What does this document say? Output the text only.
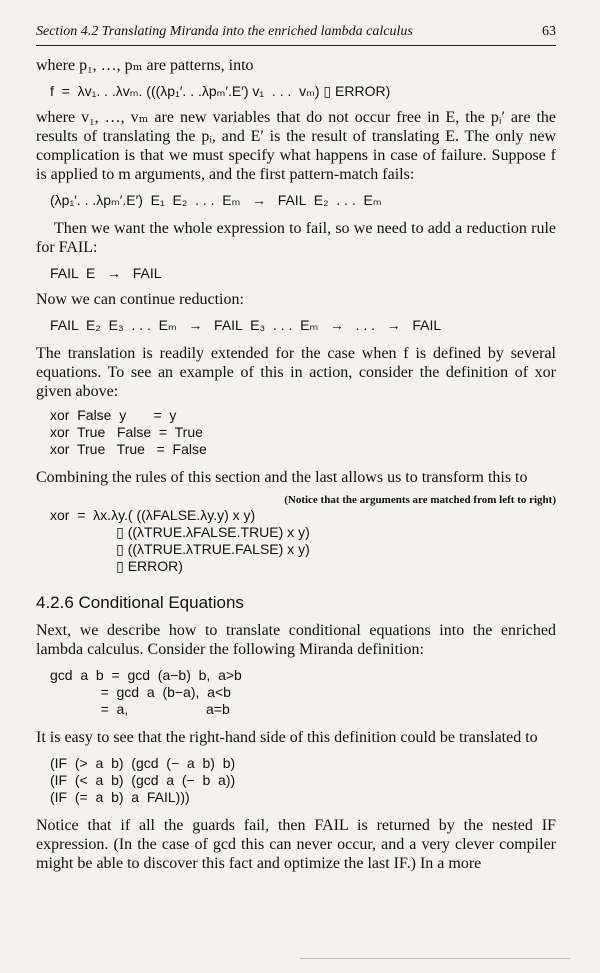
Section 4.2 Translating Miranda into the enriched lambda calculus	63

where p₁, …, pₘ are patterns, into

f  =  λv₁. . .λvₘ. (((λp₁′. . .λpₘ′.E′) v₁  . . .  vₘ) ▯ ERROR)

where v₁, …, vₘ are new variables that do not occur free in E, the pᵢ′ are the results of translating the pᵢ, and E′ is the result of translating E. The only new complication is that we must specify what happens in case of failure. Suppose f is applied to m arguments, and the first pattern-match fails:

(λp₁′. . .λpₘ′.E′)  E₁  E₂  . . .  Eₘ   →   FAIL  E₂  . . .  Eₘ

Then we want the whole expression to fail, so we need to add a reduction rule for FAIL:

FAIL  E   →   FAIL

Now we can continue reduction:

FAIL  E₂  E₃  . . .  Eₘ   →   FAIL  E₃  . . .  Eₘ   →   . . .   →   FAIL

The translation is readily extended for the case when f is defined by several equations. To see an example of this in action, consider the definition of xor given above:

xor  False  y       =  y
xor  True   False  =  True
xor  True   True   =  False

Combining the rules of this section and the last allows us to transform this to

(Notice that the arguments are matched from left to right)
xor  =  λx.λy.( ((λFALSE.λy.y) x y)
▯ ((λTRUE.λFALSE.TRUE) x y)
▯ ((λTRUE.λTRUE.FALSE) x y)
▯ ERROR)
4.2.6 Conditional Equations

Next, we describe how to translate conditional equations into the enriched lambda calculus. Consider the following Miranda definition:

gcd  a  b  =  gcd  (a−b)  b,  a>b
=  gcd  a  (b−a),  a<b
=  a,                    a=b

It is easy to see that the right-hand side of this definition could be translated to

(IF  (>  a  b)  (gcd  (−  a  b)  b)
(IF  (<  a  b)  (gcd  a  (−  b  a))
(IF  (=  a  b)  a  FAIL)))

Notice that if all the guards fail, then FAIL is returned by the nested IF expression. (In the case of gcd this can never occur, and a very clever compiler might be able to discover this fact and optimize the last IF.) In a more
